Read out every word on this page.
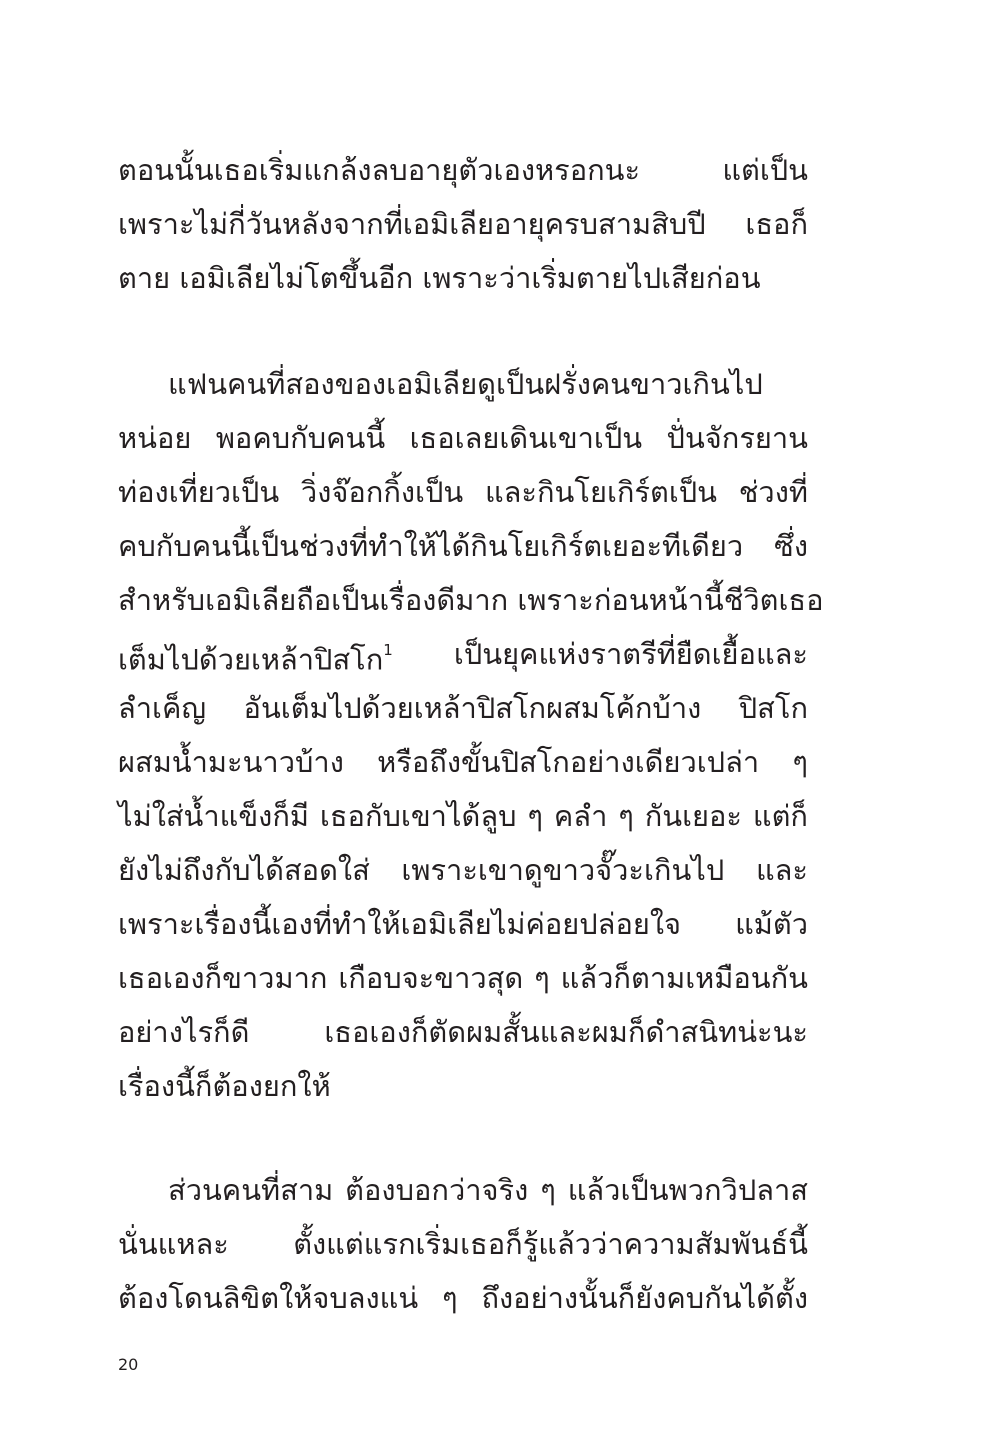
ตอนนั้นเธอเริ่มแกล้งลบอายุตัวเองหรอกนะ แต่เป็น
เพราะไม่กี่วันหลังจากที่เอมิเลียอายุครบสามสิบปี เธอก็
ตาย เอมิเลียไม่โตขึ้นอีก เพราะว่าเริ่มตายไปเสียก่อน
แฟนคนที่สองของเอมิเลียดูเป็นฝรั่งคนขาวเกินไป
หน่อย พอคบกับคนนี้ เธอเลยเดินเขาเป็น ปั่นจักรยาน
ท่องเที่ยวเป็น วิ่งจ๊อกกิ้งเป็น และกินโยเกิร์ตเป็น ช่วงที่
คบกับคนนี้เป็นช่วงที่ทำให้ได้กินโยเกิร์ตเยอะทีเดียว ซึ่ง
สำหรับเอมิเลียถือเป็นเรื่องดีมาก เพราะก่อนหน้านี้ชีวิตเธอ
เต็มไปด้วยเหล้าปิสโก$^1$ เป็นยุคแห่งราตรีที่ยืดเยื้อและ
ลำเค็ญ อันเต็มไปด้วยเหล้าปิสโกผสมโค้กบ้าง ปิสโก
ผสมน้ำมะนาวบ้าง หรือถึงขั้นปิสโกอย่างเดียวเปล่า ๆ
ไม่ใส่น้ำแข็งก็มี เธอกับเขาได้ลูบ ๆ คลำ ๆ กันเยอะ แต่ก็
ยังไม่ถึงกับได้สอดใส่ เพราะเขาดูขาวจั๊วะเกินไป และ
เพราะเรื่องนี้เองที่ทำให้เอมิเลียไม่ค่อยปล่อยใจ แม้ตัว
เธอเองก็ขาวมาก เกือบจะขาวสุด ๆ แล้วก็ตามเหมือนกัน
อย่างไรก็ดี เธอเองก็ตัดผมสั้นและผมก็ดำสนิทน่ะนะ
เรื่องนี้ก็ต้องยกให้
ส่วนคนที่สาม ต้องบอกว่าจริง ๆ แล้วเป็นพวกวิปลาส
นั่นแหละ ตั้งแต่แรกเริ่มเธอก็รู้แล้วว่าความสัมพันธ์นี้
ต้องโดนลิขิตให้จบลงแน่ ๆ ถึงอย่างนั้นก็ยังคบกันได้ตั้ง
20
